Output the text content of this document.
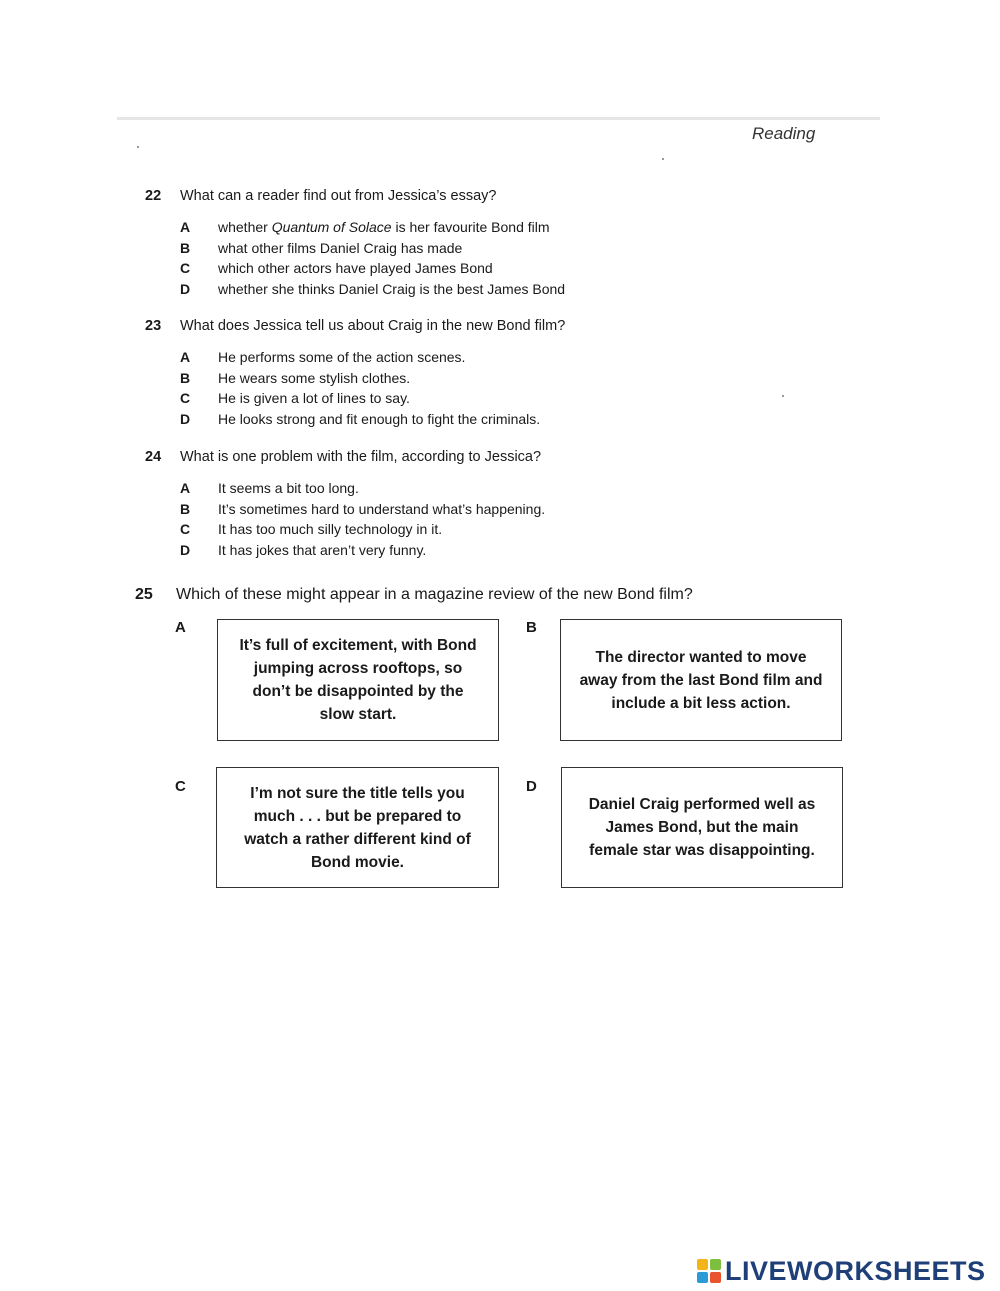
Reading
22	What can a reader find out from Jessica’s essay?
A	whether Quantum of Solace is her favourite Bond film
B	what other films Daniel Craig has made
C	which other actors have played James Bond
D	whether she thinks Daniel Craig is the best James Bond
23	What does Jessica tell us about Craig in the new Bond film?
A	He performs some of the action scenes.
B	He wears some stylish clothes.
C	He is given a lot of lines to say.
D	He looks strong and fit enough to fight the criminals.
24	What is one problem with the film, according to Jessica?
A	It seems a bit too long.
B	It’s sometimes hard to understand what’s happening.
C	It has too much silly technology in it.
D	It has jokes that aren’t very funny.
25	Which of these might appear in a magazine review of the new Bond film?
A
It’s full of excitement, with Bond jumping across rooftops, so don’t be disappointed by the slow start.
B
The director wanted to move away from the last Bond film and include a bit less action.
C	I’m not sure the title tells you much . . . but be prepared to watch a rather different kind of Bond movie.
D
Daniel Craig performed well as James Bond, but the main female star was disappointing.
LIVEWORKSHEETS
